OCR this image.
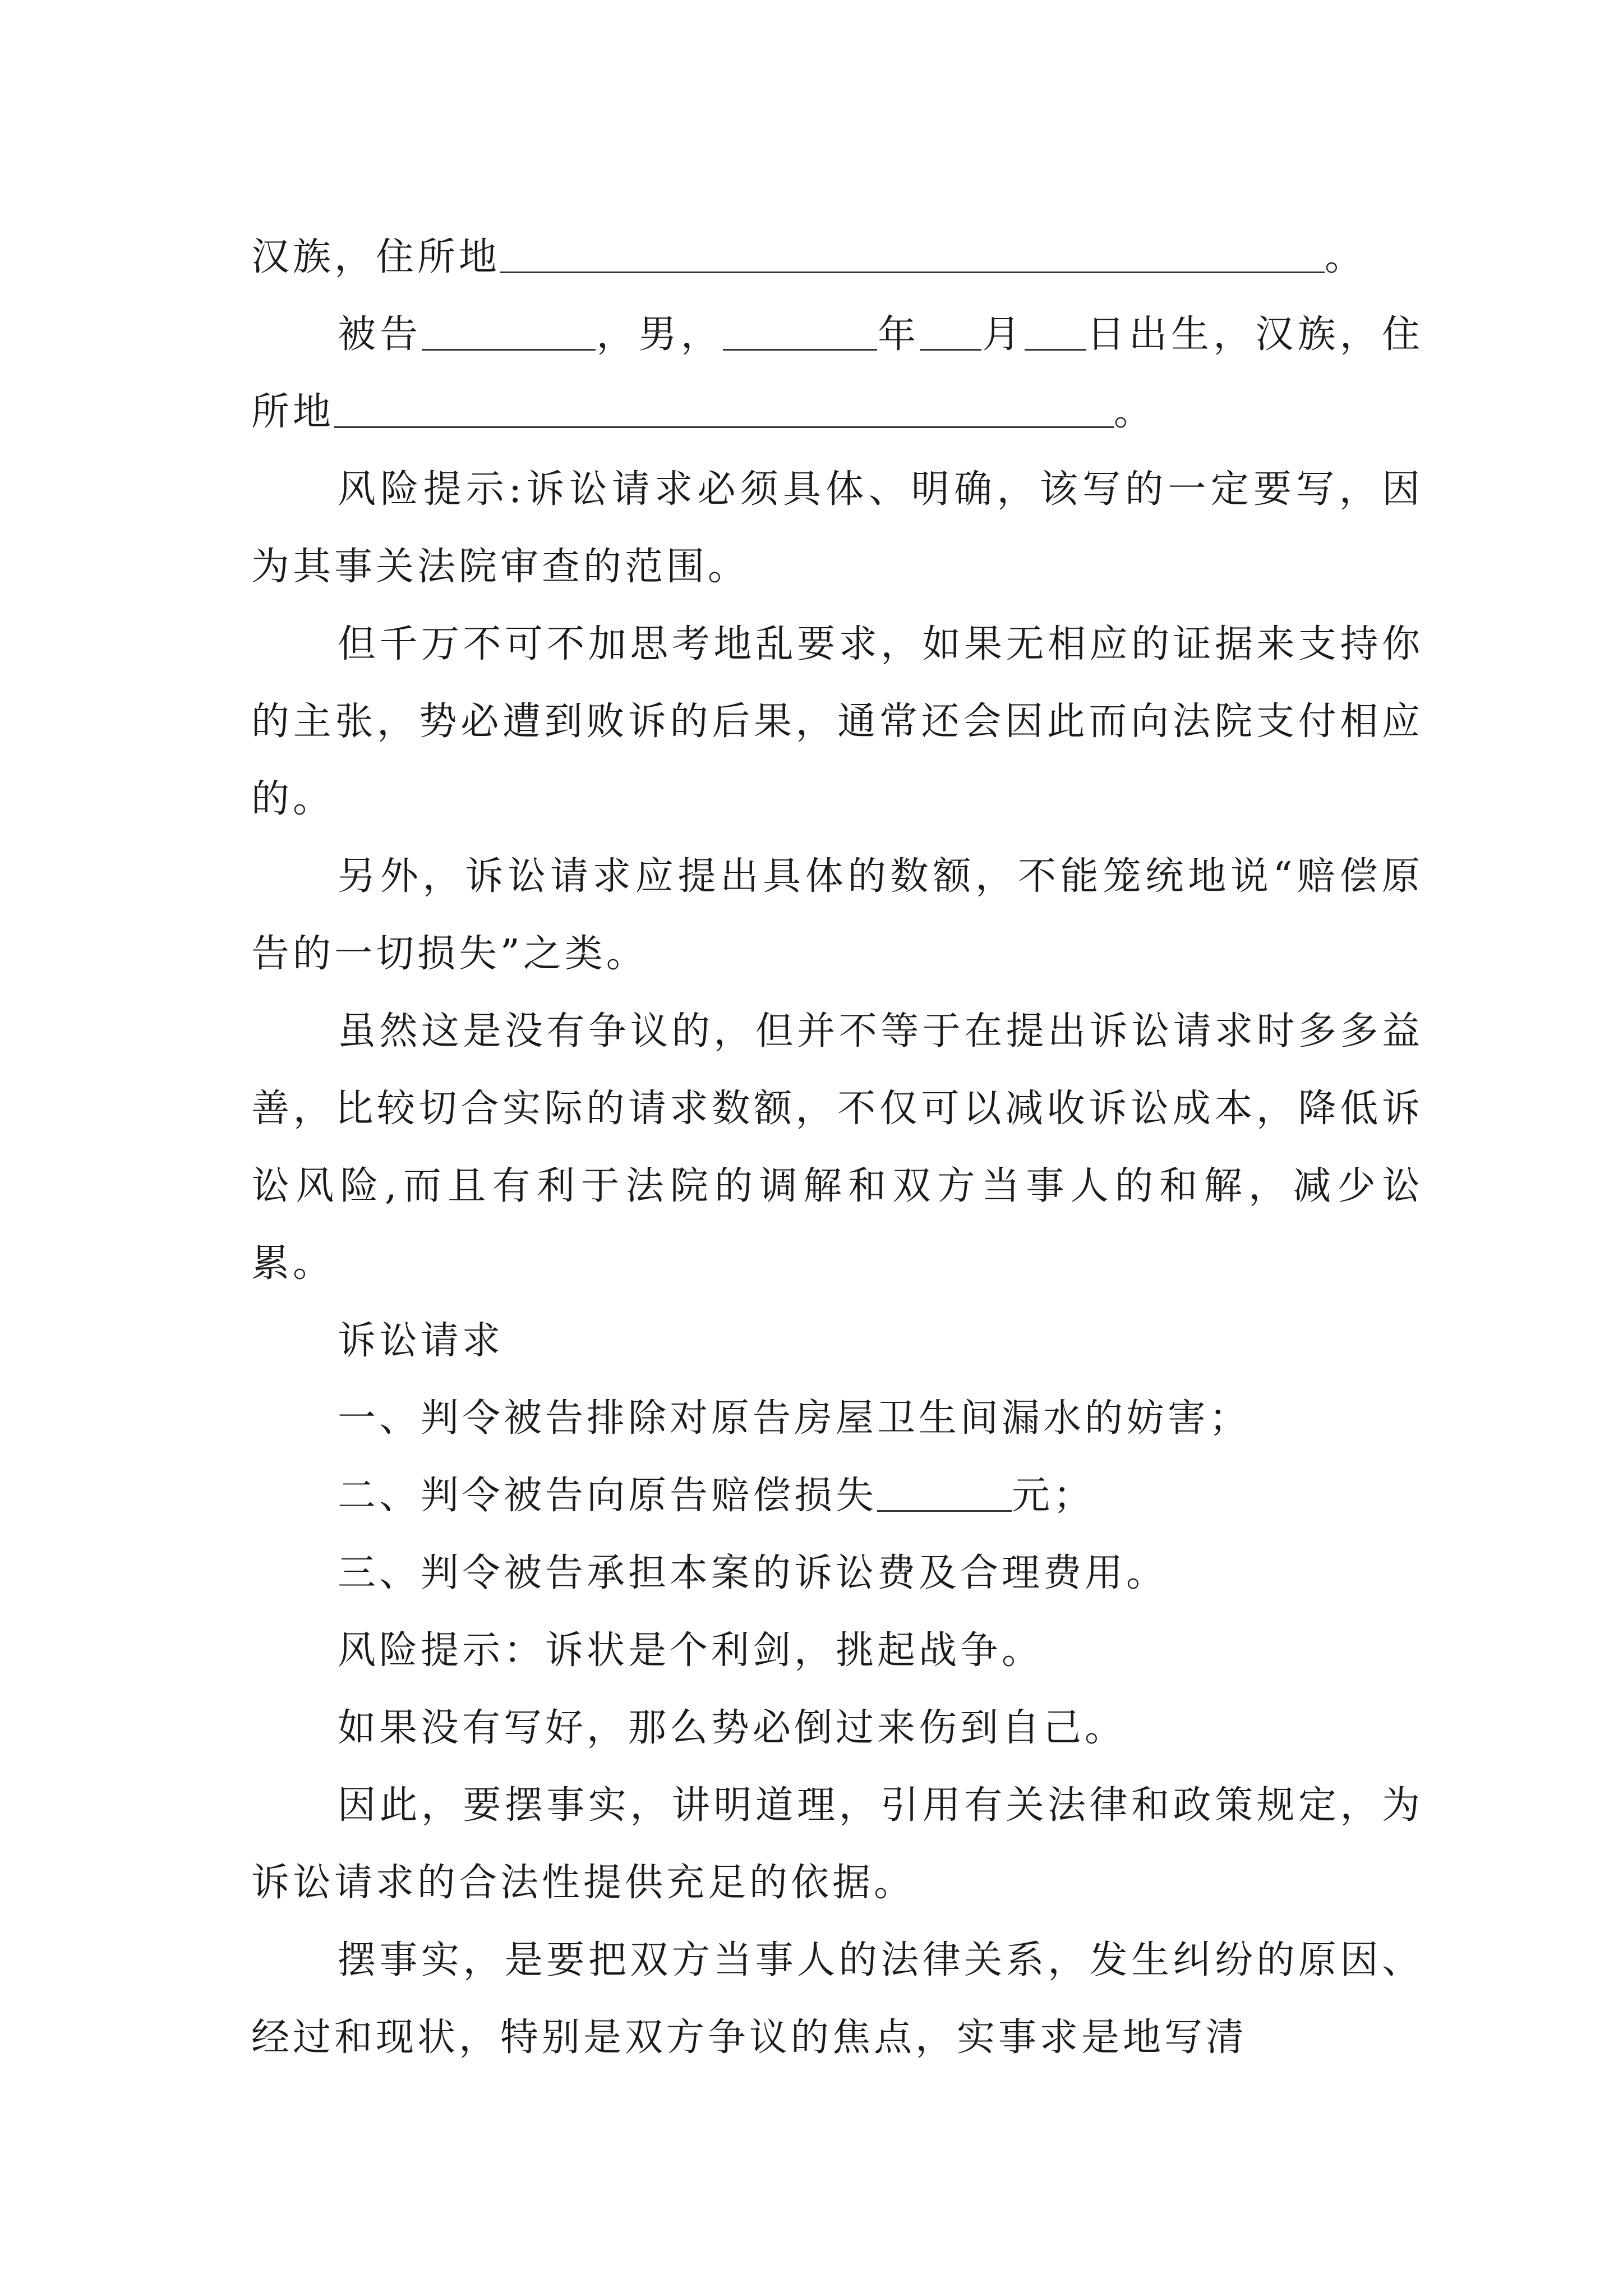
汉族，住所地	。

被告	，男，	年 月 日出生，汉族，住所地	。

风险提示:诉讼请求必须具体、明确，该写的一定要写，因为其事关法院审查的范围。

但千万不可不加思考地乱要求，如果无相应的证据来支持你的主张，势必遭到败诉的后果，通常还会因此而向法院支付相应的。

另外，诉讼请求应提出具体的数额，不能笼统地说“赔偿原告的一切损失”之类。

虽然这是没有争议的，但并不等于在提出诉讼请求时多多益善，比较切合实际的请求数额，不仅可以减收诉讼成本，降低诉讼风险,而且有利于法院的调解和双方当事人的和解，减少讼累。

诉讼请求

一、判令被告排除对原告房屋卫生间漏水的妨害；

二、判令被告向原告赔偿损失	元；

三、判令被告承担本案的诉讼费及合理费用。

风险提示：诉状是个利剑，挑起战争。

如果没有写好，那么势必倒过来伤到自己。

因此，要摆事实，讲明道理，引用有关法律和政策规定，为诉讼请求的合法性提供充足的依据。

摆事实，是要把双方当事人的法律关系，发生纠纷的原因、经过和现状，特别是双方争议的焦点，实事求是地写清
